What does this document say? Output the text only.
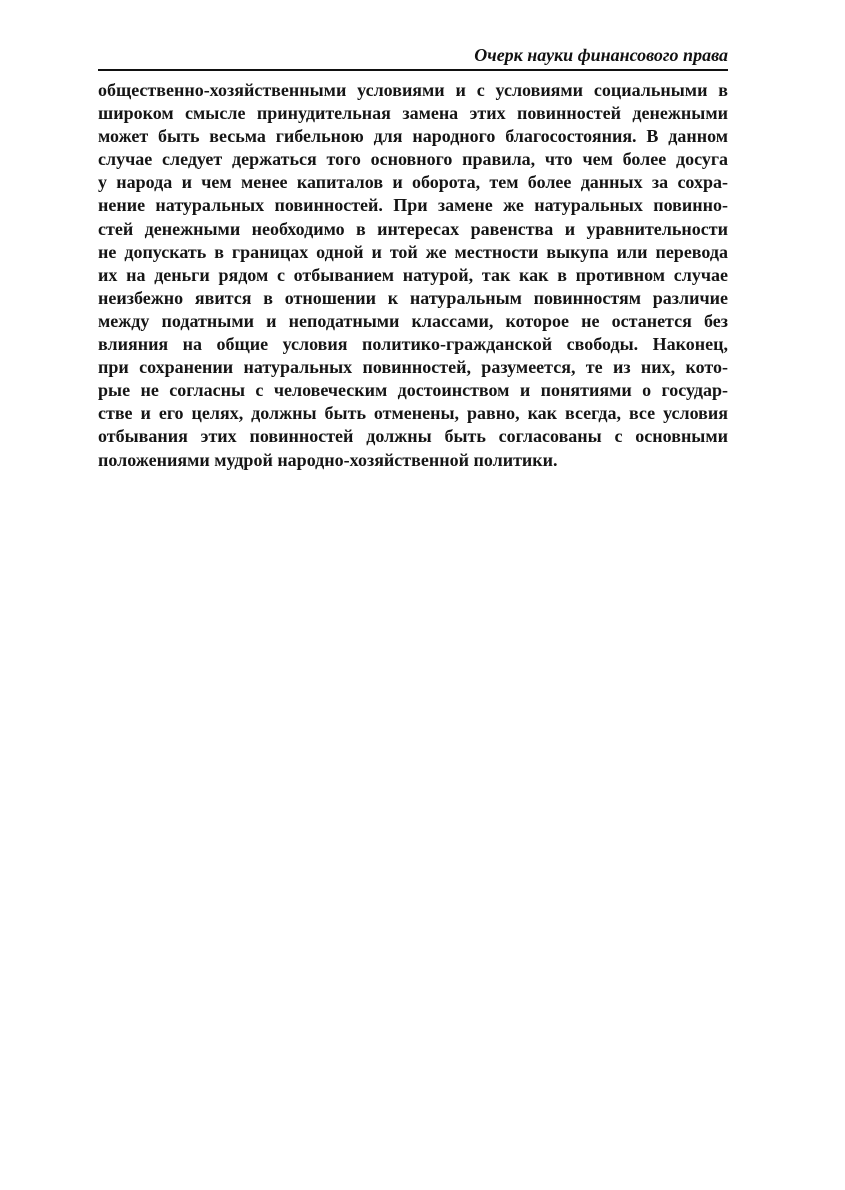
Очерк науки финансового права
общественно-хозяйственными условиями и с условиями социальными в
широком смысле принудительная замена этих повинностей денежными
может быть весьма гибельною для народного благосостояния. В данном
случае следует держаться того основного правила, что чем более досуга
у народа и чем менее капиталов и оборота, тем более данных за сохра-
нение натуральных повинностей. При замене же натуральных повинно-
стей денежными необходимо в интересах равенства и уравнительности
не допускать в границах одной и той же местности выкупа или перевода
их на деньги рядом с отбыванием натурой, так как в противном случае
неизбежно явится в отношении к натуральным повинностям различие
между податными и неподатными классами, которое не останется без
влияния на общие условия политико-гражданской свободы. Наконец,
при сохранении натуральных повинностей, разумеется, те из них, кото-
рые не согласны с человеческим достоинством и понятиями о государ-
стве и его целях, должны быть отменены, равно, как всегда, все условия
отбывания этих повинностей должны быть согласованы с основными
положениями мудрой народно-хозяйственной политики.
